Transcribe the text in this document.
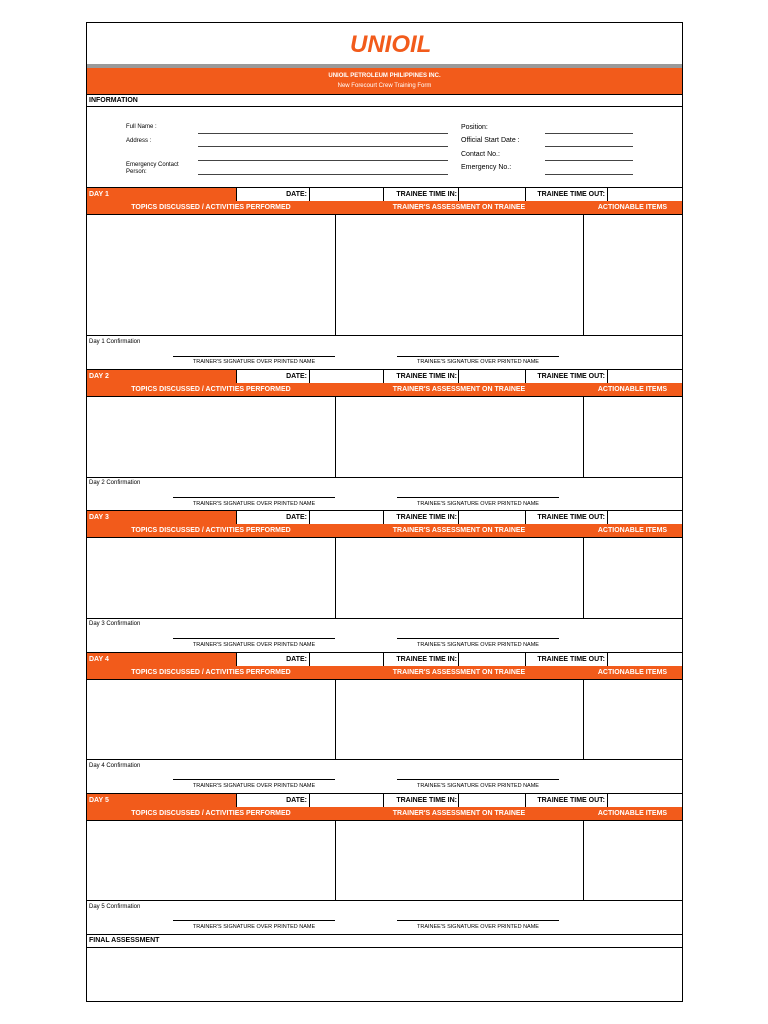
UNIOIL
UNIOIL PETROLEUM PHILIPPINES INC.
New Forecourt Crew Training Form
INFORMATION
Full Name :
Address :
Emergency Contact Person:
Position:
Official Start Date :
Contact No.:
Emergency No.:
DAY 1	DATE:	TRAINEE TIME IN:	TRAINEE TIME OUT:
TOPICS DISCUSSED / ACTIVITIES PERFORMED	TRAINER'S ASSESSMENT ON TRAINEE	ACTIONABLE ITEMS
Day 1 Confirmation
TRAINER'S SIGNATURE OVER PRINTED NAME	TRAINEE'S SIGNATURE OVER PRINTED NAME
DAY 2	DATE:	TRAINEE TIME IN:	TRAINEE TIME OUT:
TOPICS DISCUSSED / ACTIVITIES PERFORMED	TRAINER'S ASSESSMENT ON TRAINEE	ACTIONABLE ITEMS
Day 2 Confirmation
TRAINER'S SIGNATURE OVER PRINTED NAME	TRAINEE'S SIGNATURE OVER PRINTED NAME
DAY 3	DATE:	TRAINEE TIME IN:	TRAINEE TIME OUT:
TOPICS DISCUSSED / ACTIVITIES PERFORMED	TRAINER'S ASSESSMENT ON TRAINEE	ACTIONABLE ITEMS
Day 3 Confirmation
TRAINER'S SIGNATURE OVER PRINTED NAME	TRAINEE'S SIGNATURE OVER PRINTED NAME
DAY 4	DATE:	TRAINEE TIME IN:	TRAINEE TIME OUT:
TOPICS DISCUSSED / ACTIVITIES PERFORMED	TRAINER'S ASSESSMENT ON TRAINEE	ACTIONABLE ITEMS
Day 4 Confirmation
TRAINER'S SIGNATURE OVER PRINTED NAME	TRAINEE'S SIGNATURE OVER PRINTED NAME
DAY 5	DATE:	TRAINEE TIME IN:	TRAINEE TIME OUT:
TOPICS DISCUSSED / ACTIVITIES PERFORMED	TRAINER'S ASSESSMENT ON TRAINEE	ACTIONABLE ITEMS
Day 5 Confirmation
TRAINER'S SIGNATURE OVER PRINTED NAME	TRAINEE'S SIGNATURE OVER PRINTED NAME
FINAL ASSESSMENT
